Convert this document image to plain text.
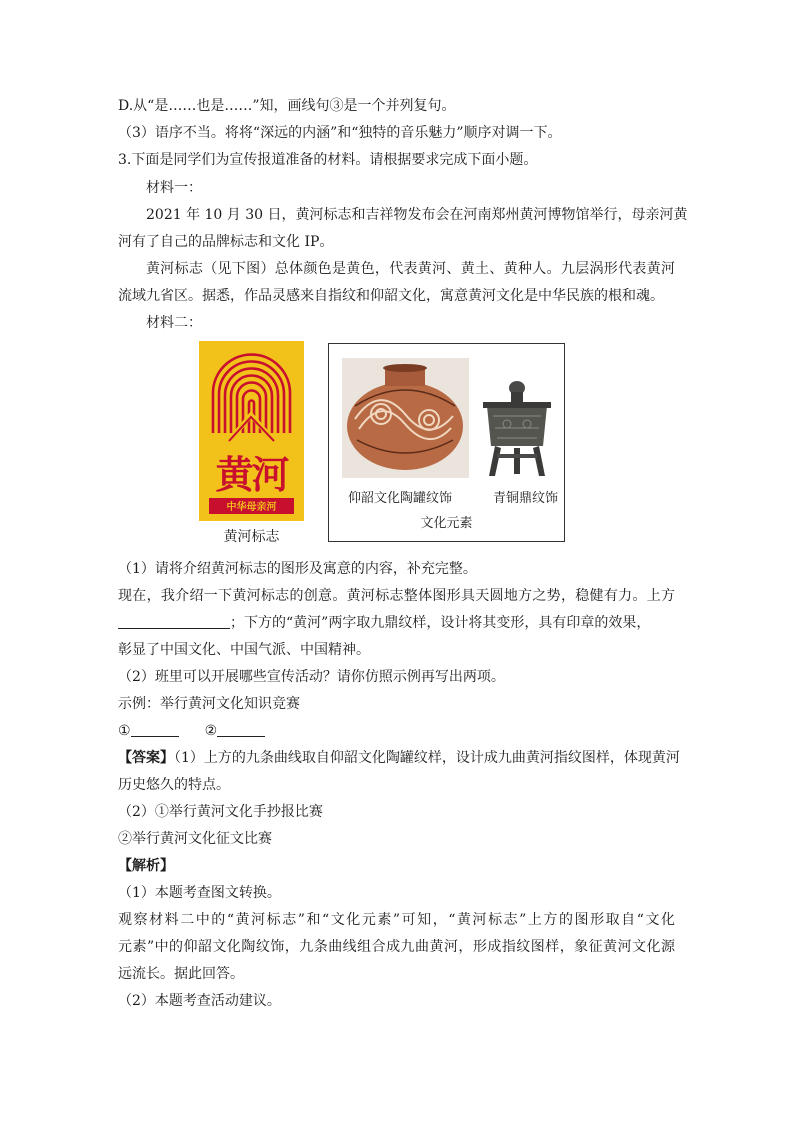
D.从“是……也是……”知，画线句③是一个并列复句。
（3）语序不当。将将“深远的内涵”和“独特的音乐魅力”顺序对调一下。
3.下面是同学们为宣传报道准备的材料。请根据要求完成下面小题。
材料一：
2021 年 10 月 30 日，黄河标志和吉祥物发布会在河南郑州黄河博物馆举行，母亲河黄
河有了自己的品牌标志和文化 IP。
黄河标志（见下图）总体颜色是黄色，代表黄河、黄土、黄种人。九层涡形代表黄河
流域九省区。据悉，作品灵感来自指纹和仰韶文化，寓意黄河文化是中华民族的根和魂。
材料二：
黄河
中华母亲河
黄河标志
仰韶文化陶罐纹饰	青铜鼎纹饰
文化元素
（1）请将介绍黄河标志的图形及寓意的内容，补充完整。
现在，我介绍一下黄河标志的创意。黄河标志整体图形具天圆地方之势，稳健有力。上方
；下方的“黄河”两字取九鼎纹样，设计将其变形，具有印章的效果，
彰显了中国文化、中国气派、中国精神。
（2）班里可以开展哪些宣传活动？请你仿照示例再写出两项。
示例：举行黄河文化知识竞赛
①	②
【答案】（1）上方的九条曲线取自仰韶文化陶罐纹样，设计成九曲黄河指纹图样，体现黄河
历史悠久的特点。
（2）①举行黄河文化手抄报比赛
②举行黄河文化征文比赛
【解析】
（1）本题考查图文转换。
观察材料二中的“黄河标志”和“文化元素”可知，“黄河标志”上方的图形取自“文化
元素”中的仰韶文化陶纹饰，九条曲线组合成九曲黄河，形成指纹图样，象征黄河文化源
远流长。据此回答。
（2）本题考查活动建议。
